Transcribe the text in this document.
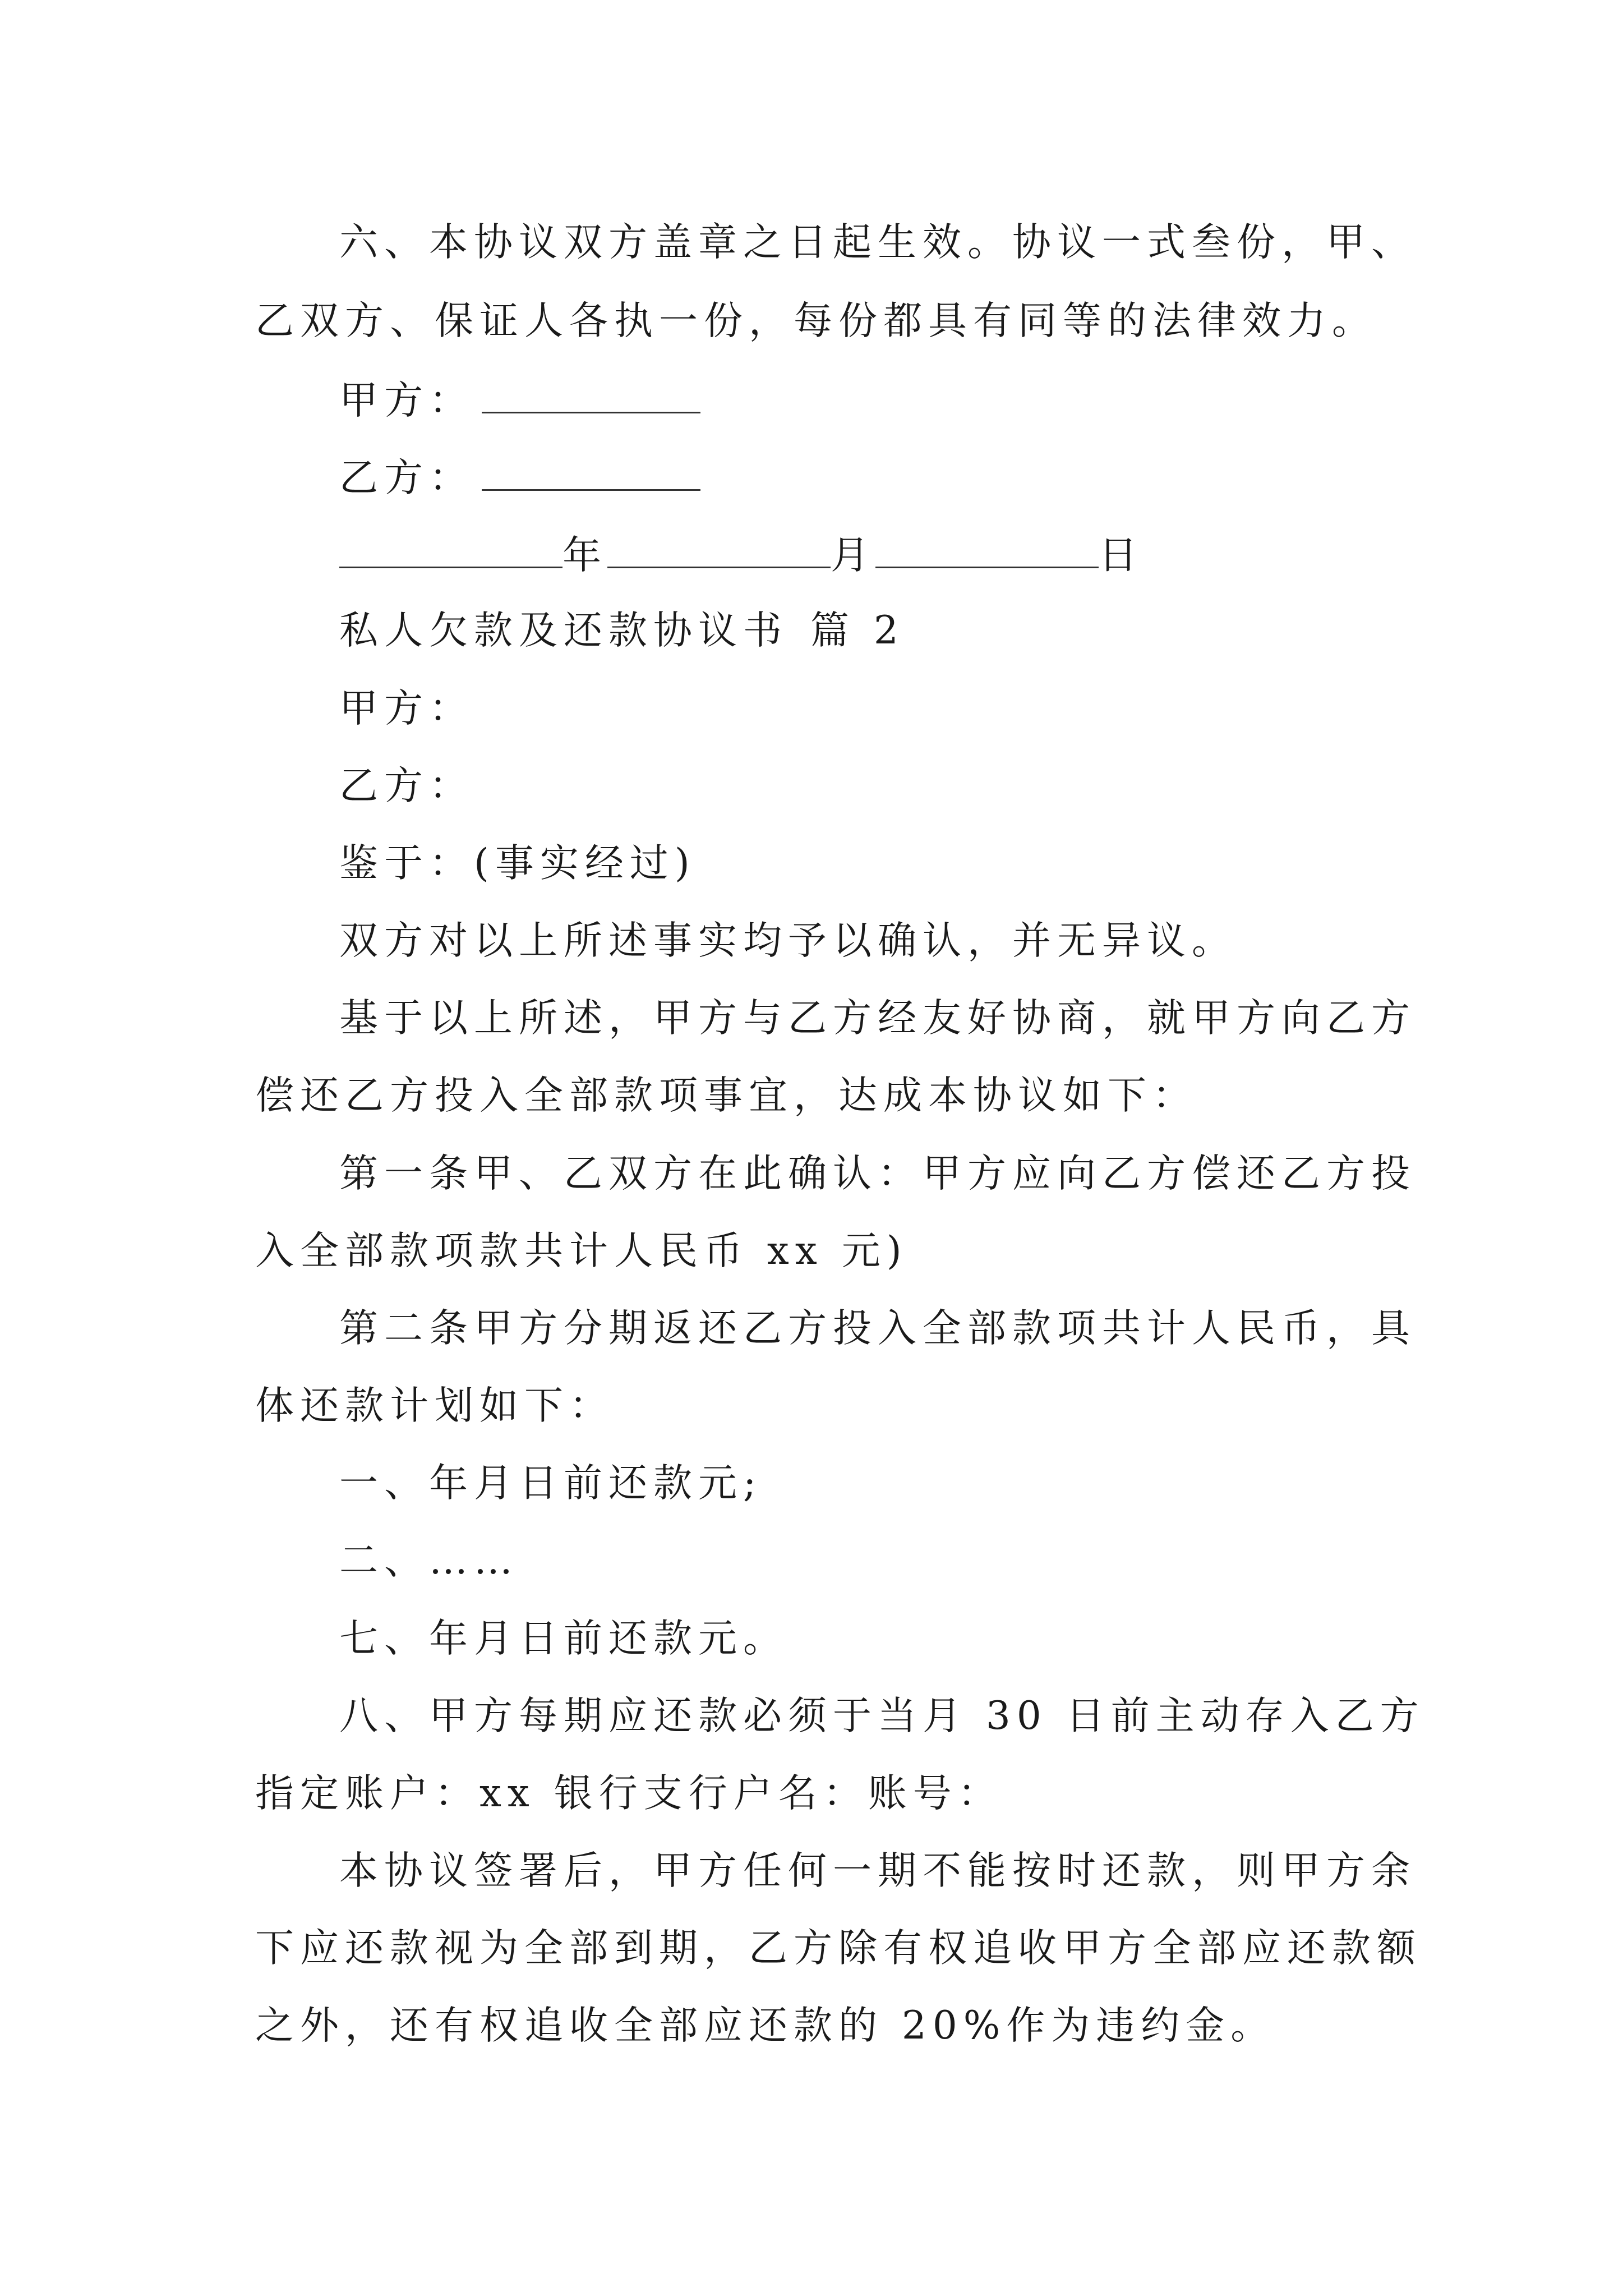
六、本协议双方盖章之日起生效。协议一式叁份，甲、

乙双方、保证人各执一份，每份都具有同等的法律效力。

甲方：

乙方：

年	月	日

私人欠款及还款协议书 篇 2

甲方：

乙方：

鉴于：(事实经过)

双方对以上所述事实均予以确认，并无异议。

基于以上所述，甲方与乙方经友好协商，就甲方向乙方

偿还乙方投入全部款项事宜，达成本协议如下：

第一条甲、乙双方在此确认：甲方应向乙方偿还乙方投

入全部款项款共计人民币 xx 元)

第二条甲方分期返还乙方投入全部款项共计人民币，具

体还款计划如下：

一、年月日前还款元;

二、……

七、年月日前还款元。

八、甲方每期应还款必须于当月 30 日前主动存入乙方

指定账户：xx 银行支行户名：账号：

本协议签署后，甲方任何一期不能按时还款，则甲方余

下应还款视为全部到期，乙方除有权追收甲方全部应还款额

之外，还有权追收全部应还款的 20%作为违约金。
